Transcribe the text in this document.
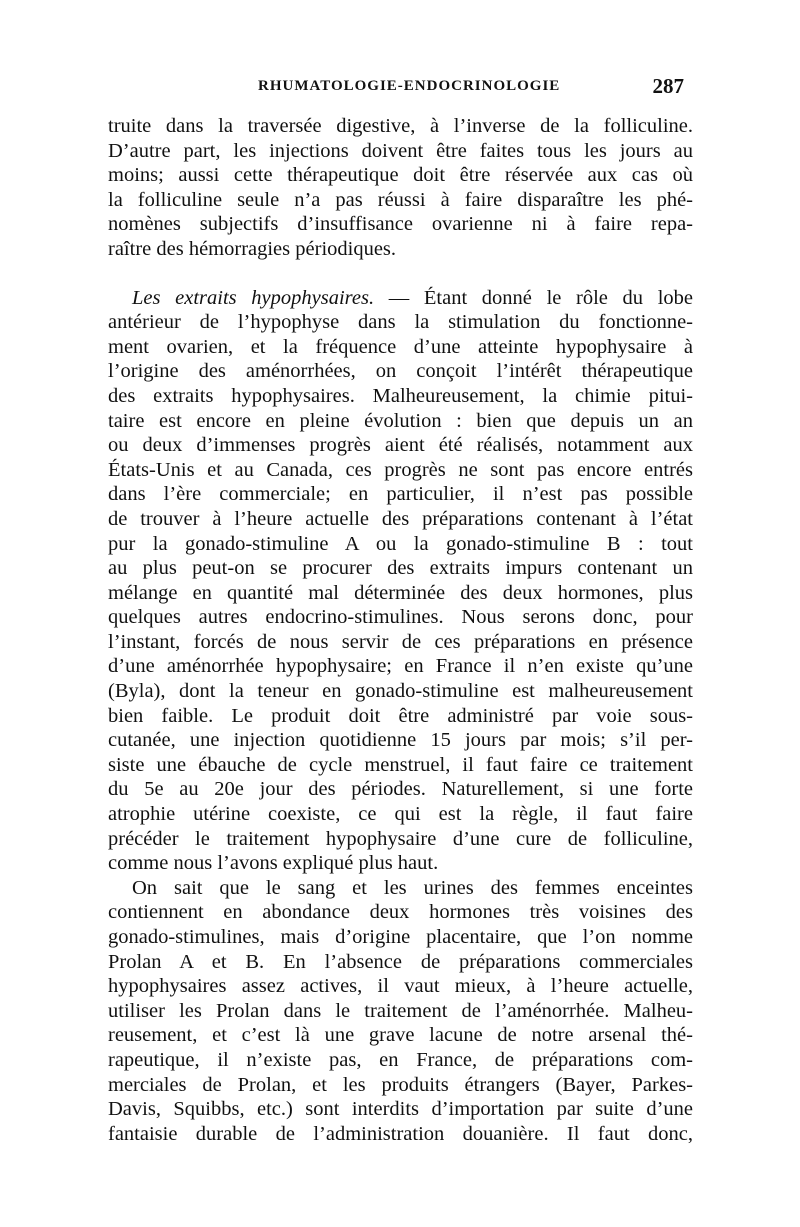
RHUMATOLOGIE-ENDOCRINOLOGIE	287
truite dans la traversée digestive, à l’inverse de la folliculine.
D’autre part, les injections doivent être faites tous les jours au
moins; aussi cette thérapeutique doit être réservée aux cas où
la folliculine seule n’a pas réussi à faire disparaître les phé-
nomènes subjectifs d’insuffisance ovarienne ni à faire repa-
raître des hémorragies périodiques.
Les extraits hypophysaires. — Étant donné le rôle du lobe
antérieur de l’hypophyse dans la stimulation du fonctionne-
ment ovarien, et la fréquence d’une atteinte hypophysaire à
l’origine des aménorrhées, on conçoit l’intérêt thérapeutique
des extraits hypophysaires. Malheureusement, la chimie pitui-
taire est encore en pleine évolution : bien que depuis un an
ou deux d’immenses progrès aient été réalisés, notamment aux
États-Unis et au Canada, ces progrès ne sont pas encore entrés
dans l’ère commerciale; en particulier, il n’est pas possible
de trouver à l’heure actuelle des préparations contenant à l’état
pur la gonado-stimuline A ou la gonado-stimuline B : tout
au plus peut-on se procurer des extraits impurs contenant un
mélange en quantité mal déterminée des deux hormones, plus
quelques autres endocrino-stimulines. Nous serons donc, pour
l’instant, forcés de nous servir de ces préparations en présence
d’une aménorrhée hypophysaire; en France il n’en existe qu’une
(Byla), dont la teneur en gonado-stimuline est malheureusement
bien faible. Le produit doit être administré par voie sous-
cutanée, une injection quotidienne 15 jours par mois; s’il per-
siste une ébauche de cycle menstruel, il faut faire ce traitement
du 5e au 20e jour des périodes. Naturellement, si une forte
atrophie utérine coexiste, ce qui est la règle, il faut faire
précéder le traitement hypophysaire d’une cure de folliculine,
comme nous l’avons expliqué plus haut.
On sait que le sang et les urines des femmes enceintes
contiennent en abondance deux hormones très voisines des
gonado-stimulines, mais d’origine placentaire, que l’on nomme
Prolan A et B. En l’absence de préparations commerciales
hypophysaires assez actives, il vaut mieux, à l’heure actuelle,
utiliser les Prolan dans le traitement de l’aménorrhée. Malheu-
reusement, et c’est là une grave lacune de notre arsenal thé-
rapeutique, il n’existe pas, en France, de préparations com-
merciales de Prolan, et les produits étrangers (Bayer, Parkes-
Davis, Squibbs, etc.) sont interdits d’importation par suite d’une
fantaisie durable de l’administration douanière. Il faut donc,
